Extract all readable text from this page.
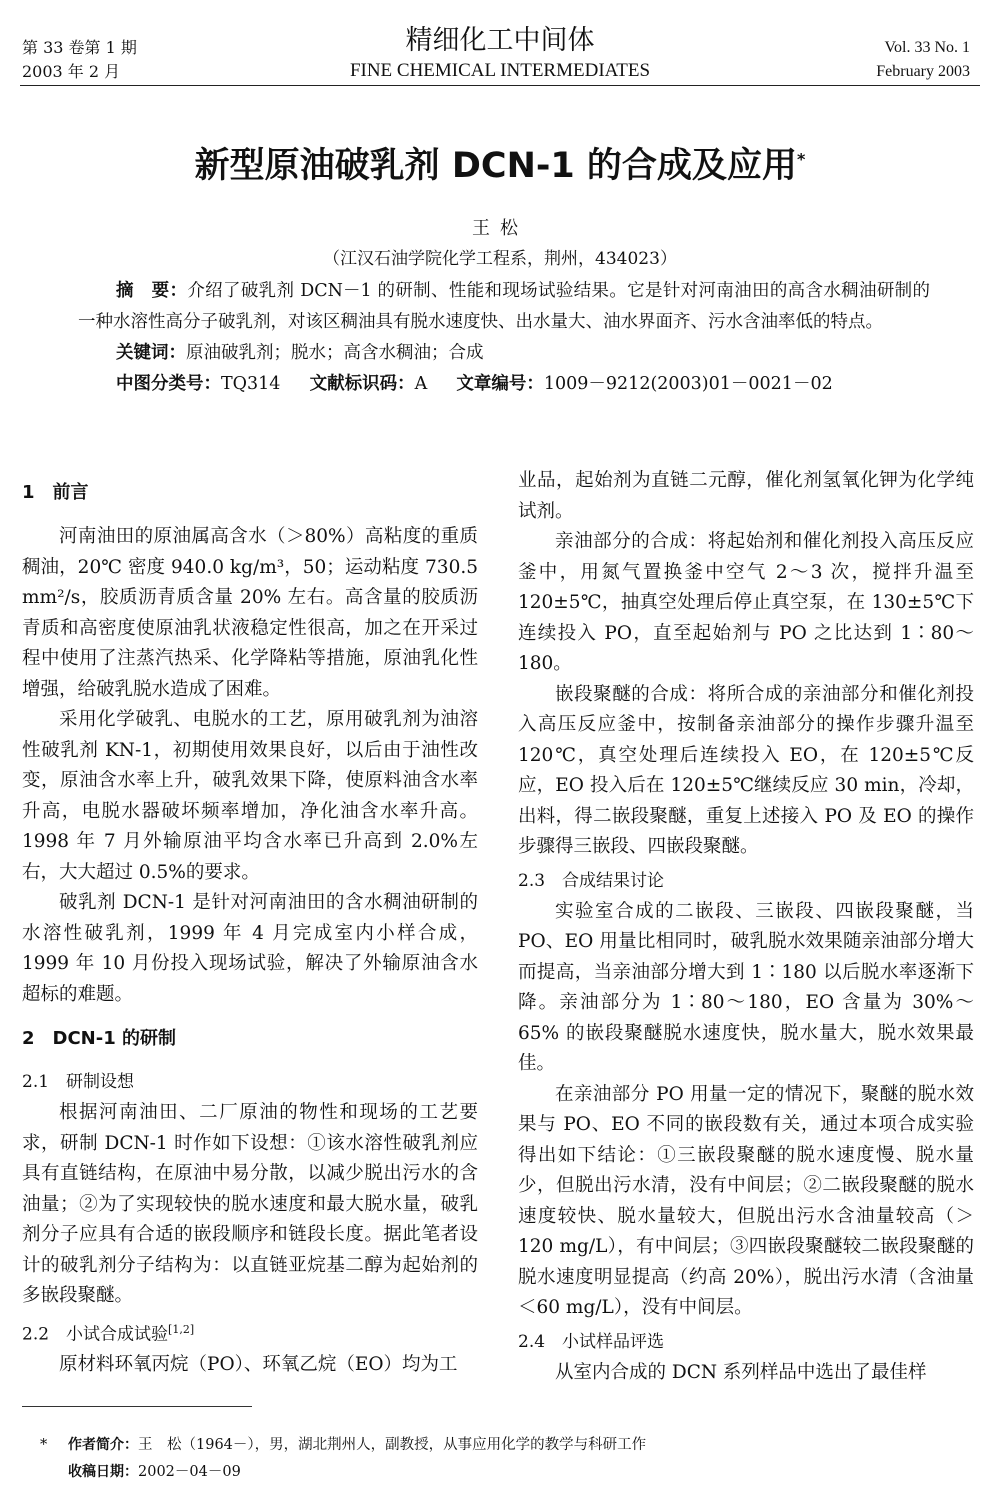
第 33 卷第 1 期
2003 年 2 月
精细化工中间体
FINE CHEMICAL INTERMEDIATES
Vol. 33 No. 1
February 2003
新型原油破乳剂 DCN-1 的合成及应用*
王松
（江汉石油学院化学工程系，荆州，434023）
摘　要：介绍了破乳剂 DCN－1 的研制、性能和现场试验结果。它是针对河南油田的高含水稠油研制的一种水溶性高分子破乳剂，对该区稠油具有脱水速度快、出水量大、油水界面齐、污水含油率低的特点。
关键词：原油破乳剂；脱水；高含水稠油；合成
中图分类号：TQ314 文献标识码：A 文章编号：1009－9212(2003)01－0021－02
1　前言

河南油田的原油属高含水（＞80%）高粘度的重质稠油，20℃ 密度 940.0 kg/m³，50；运动粘度 730.5 mm²/s，胶质沥青质含量 20% 左右。高含量的胶质沥青质和高密度使原油乳状液稳定性很高，加之在开采过程中使用了注蒸汽热采、化学降粘等措施，原油乳化性增强，给破乳脱水造成了困难。

采用化学破乳、电脱水的工艺，原用破乳剂为油溶性破乳剂 KN-1，初期使用效果良好，以后由于油性改变，原油含水率上升，破乳效果下降，使原料油含水率升高，电脱水器破坏频率增加，净化油含水率升高。1998 年 7 月外输原油平均含水率已升高到 2.0%左右，大大超过 0.5%的要求。

破乳剂 DCN-1 是针对河南油田的含水稠油研制的水溶性破乳剂，1999 年 4 月完成室内小样合成，1999 年 10 月份投入现场试验，解决了外输原油含水超标的难题。

2　DCN-1 的研制
2.1　研制设想

根据河南油田、二厂原油的物性和现场的工艺要求，研制 DCN-1 时作如下设想：①该水溶性破乳剂应具有直链结构，在原油中易分散，以减少脱出污水的含油量；②为了实现较快的脱水速度和最大脱水量，破乳剂分子应具有合适的嵌段顺序和链段长度。据此笔者设计的破乳剂分子结构为：以直链亚烷基二醇为起始剂的多嵌段聚醚。

2.2　小试合成试验[1,2]

原材料环氧丙烷（PO）、环氧乙烷（EO）均为工

业品，起始剂为直链二元醇，催化剂氢氧化钾为化学纯试剂。

亲油部分的合成：将起始剂和催化剂投入高压反应釜中，用氮气置换釜中空气 2～3 次，搅拌升温至 120±5℃，抽真空处理后停止真空泵，在 130±5℃下连续投入 PO，直至起始剂与 PO 之比达到 1∶80～180。

嵌段聚醚的合成：将所合成的亲油部分和催化剂投入高压反应釜中，按制备亲油部分的操作步骤升温至 120℃，真空处理后连续投入 EO，在 120±5℃反应，EO 投入后在 120±5℃继续反应 30 min，冷却，出料，得二嵌段聚醚，重复上述接入 PO 及 EO 的操作步骤得三嵌段、四嵌段聚醚。

2.3　合成结果讨论

实验室合成的二嵌段、三嵌段、四嵌段聚醚，当 PO、EO 用量比相同时，破乳脱水效果随亲油部分增大而提高，当亲油部分增大到 1∶180 以后脱水率逐渐下降。亲油部分为 1∶80～180，EO 含量为 30%～65% 的嵌段聚醚脱水速度快，脱水量大，脱水效果最佳。

在亲油部分 PO 用量一定的情况下，聚醚的脱水效果与 PO、EO 不同的嵌段数有关，通过本项合成实验得出如下结论：①三嵌段聚醚的脱水速度慢、脱水量少，但脱出污水清，没有中间层；②二嵌段聚醚的脱水速度较快、脱水量较大，但脱出污水含油量较高（＞120 mg/L），有中间层；③四嵌段聚醚较二嵌段聚醚的脱水速度明显提高（约高 20%），脱出污水清（含油量＜60 mg/L），没有中间层。

2.4　小试样品评选

从室内合成的 DCN 系列样品中选出了最佳样

* 作者简介：王　松（1964－），男，湖北荆州人，副教授，从事应用化学的教学与科研工作
收稿日期：2002－04－09
